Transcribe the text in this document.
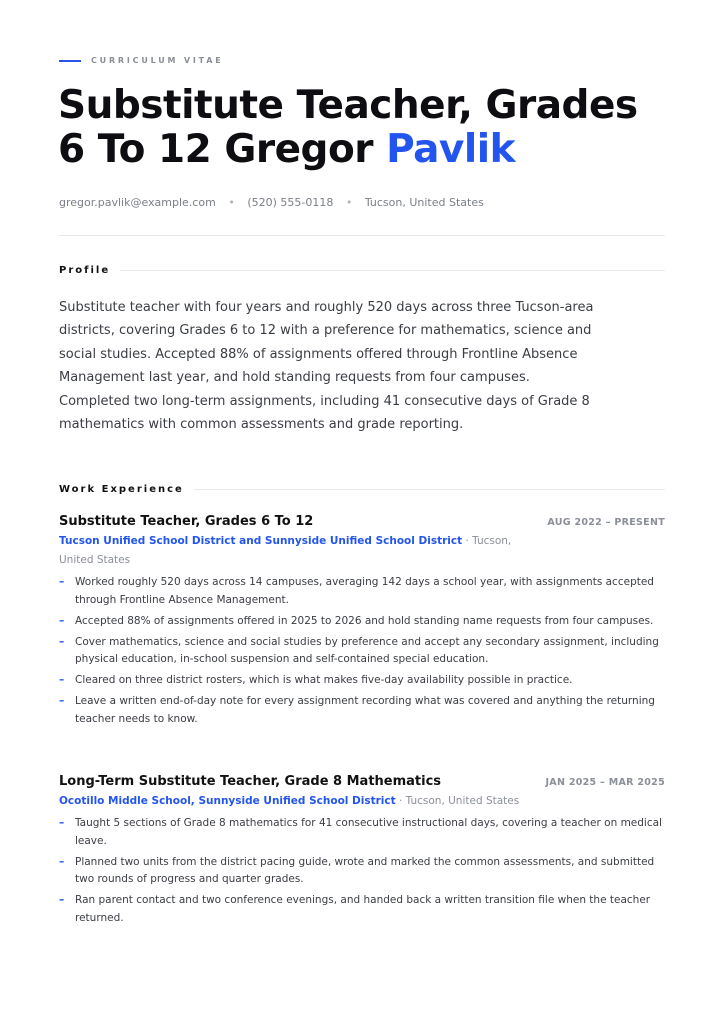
CURRICULUM VITAE
Substitute Teacher, Grades
6 To 12 Gregor Pavlik
gregor.pavlik@example.com • (520) 555-0118 • Tucson, United States
Profile
Substitute teacher with four years and roughly 520 days across three Tucson-area districts, covering Grades 6 to 12 with a preference for mathematics, science and social studies. Accepted 88% of assignments offered through Frontline Absence Management last year, and hold standing requests from four campuses. Completed two long-term assignments, including 41 consecutive days of Grade 8 mathematics with common assessments and grade reporting.
Work Experience
Substitute Teacher, Grades 6 To 12	AUG 2022 – PRESENT
Tucson Unified School District and Sunnyside Unified School District · Tucson, United States
– Worked roughly 520 days across 14 campuses, averaging 142 days a school year, with assignments accepted through Frontline Absence Management.
– Accepted 88% of assignments offered in 2025 to 2026 and hold standing name requests from four campuses.
– Cover mathematics, science and social studies by preference and accept any secondary assignment, including physical education, in-school suspension and self-contained special education.
– Cleared on three district rosters, which is what makes five-day availability possible in practice.
– Leave a written end-of-day note for every assignment recording what was covered and anything the returning teacher needs to know.
Long-Term Substitute Teacher, Grade 8 Mathematics	JAN 2025 – MAR 2025
Ocotillo Middle School, Sunnyside Unified School District · Tucson, United States
– Taught 5 sections of Grade 8 mathematics for 41 consecutive instructional days, covering a teacher on medical leave.
– Planned two units from the district pacing guide, wrote and marked the common assessments, and submitted two rounds of progress and quarter grades.
– Ran parent contact and two conference evenings, and handed back a written transition file when the teacher returned.
